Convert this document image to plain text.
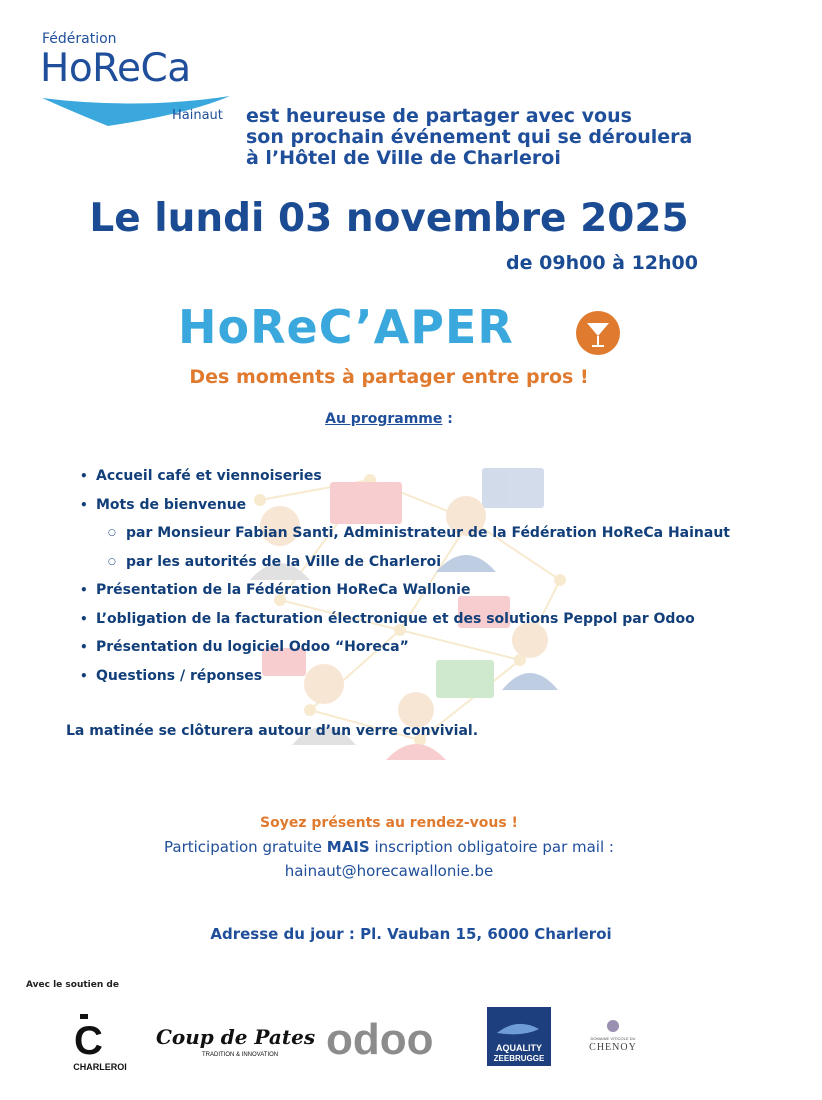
Fédération
HoReCa
Hainaut est heureuse de partager avec vous
son prochain événement qui se déroulera
à l’Hôtel de Ville de Charleroi
Le lundi 03 novembre 2025
de 09h00 à 12h00
HoReC’APER
Des moments à partager entre pros !
Au programme :
• Accueil café et viennoiseries
• Mots de bienvenue
○ par Monsieur Fabian Santi, Administrateur de la Fédération HoReCa Hainaut
○ par les autorités de la Ville de Charleroi
• Présentation de la Fédération HoReCa Wallonie
• L’obligation de la facturation électronique et des solutions Peppol par Odoo
• Présentation du logiciel Odoo “Horeca”
• Questions / réponses
La matinée se clôturera autour d’un verre convivial.
Soyez présents au rendez-vous !
Participation gratuite MAIS inscription obligatoire par mail :
hainaut@horecawallonie.be
Adresse du jour : Pl. Vauban 15, 6000 Charleroi
Avec le soutien de
C
CHARLEROI
Coup de Pates
TRADITION & INNOVATION odoo	AQUALITY
ZEEBRUGGE
DOMAINE VITICOLE DU
CHENOY
